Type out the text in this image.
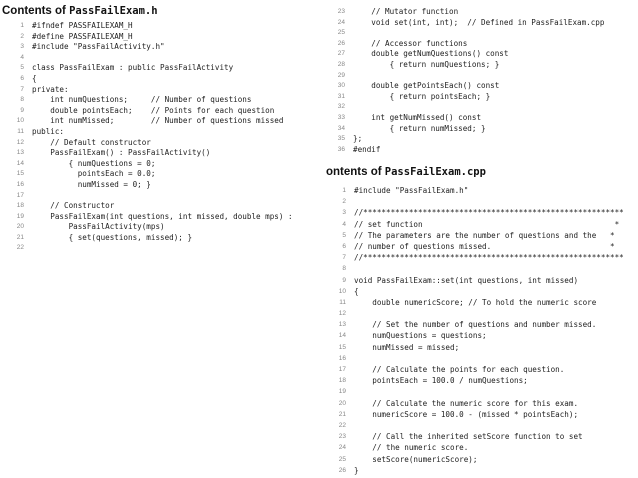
Contents of PassFailExam.h
1	#ifndef PASSFAILEXAM_H
2	#define PASSFAILEXAM_H
3	#include "PassFailActivity.h"
4
5	class PassFailExam : public PassFailActivity
6	{
7	private:
8	int numQuestions;     // Number of questions
9	double pointsEach;    // Points for each question
10	int numMissed;        // Number of questions missed
11	public:
12	// Default constructor
13	PassFailExam() : PassFailActivity()
14	{ numQuestions = 0;
15	pointsEach = 0.0;
16	numMissed = 0; }
17
18	// Constructor
19	PassFailExam(int questions, int missed, double mps) :
20	PassFailActivity(mps)
21	{ set(questions, missed); }
22
23	// Mutator function
24	void set(int, int);  // Defined in PassFailExam.cpp
25
26	// Accessor functions
27	double getNumQuestions() const
28	{ return numQuestions; }
29
30	double getPointsEach() const
31	{ return pointsEach; }
32
33	int getNumMissed() const
34	{ return numMissed; }
35	};
36	#endif
ontents of PassFailExam.cpp
1	#include "PassFailExam.h"
2
3	//*********************************************************
4	// set function                                          *
5	// The parameters are the number of questions and the   *
6	// number of questions missed.                          *
7	//*********************************************************
8
9	void PassFailExam::set(int questions, int missed)
10	{
11	double numericScore; // To hold the numeric score
12
13	// Set the number of questions and number missed.
14	numQuestions = questions;
15	numMissed = missed;
16
17	// Calculate the points for each question.
18	pointsEach = 100.0 / numQuestions;
19
20	// Calculate the numeric score for this exam.
21	numericScore = 100.0 - (missed * pointsEach);
22
23	// Call the inherited setScore function to set
24	// the numeric score.
25	setScore(numericScore);
26	}
